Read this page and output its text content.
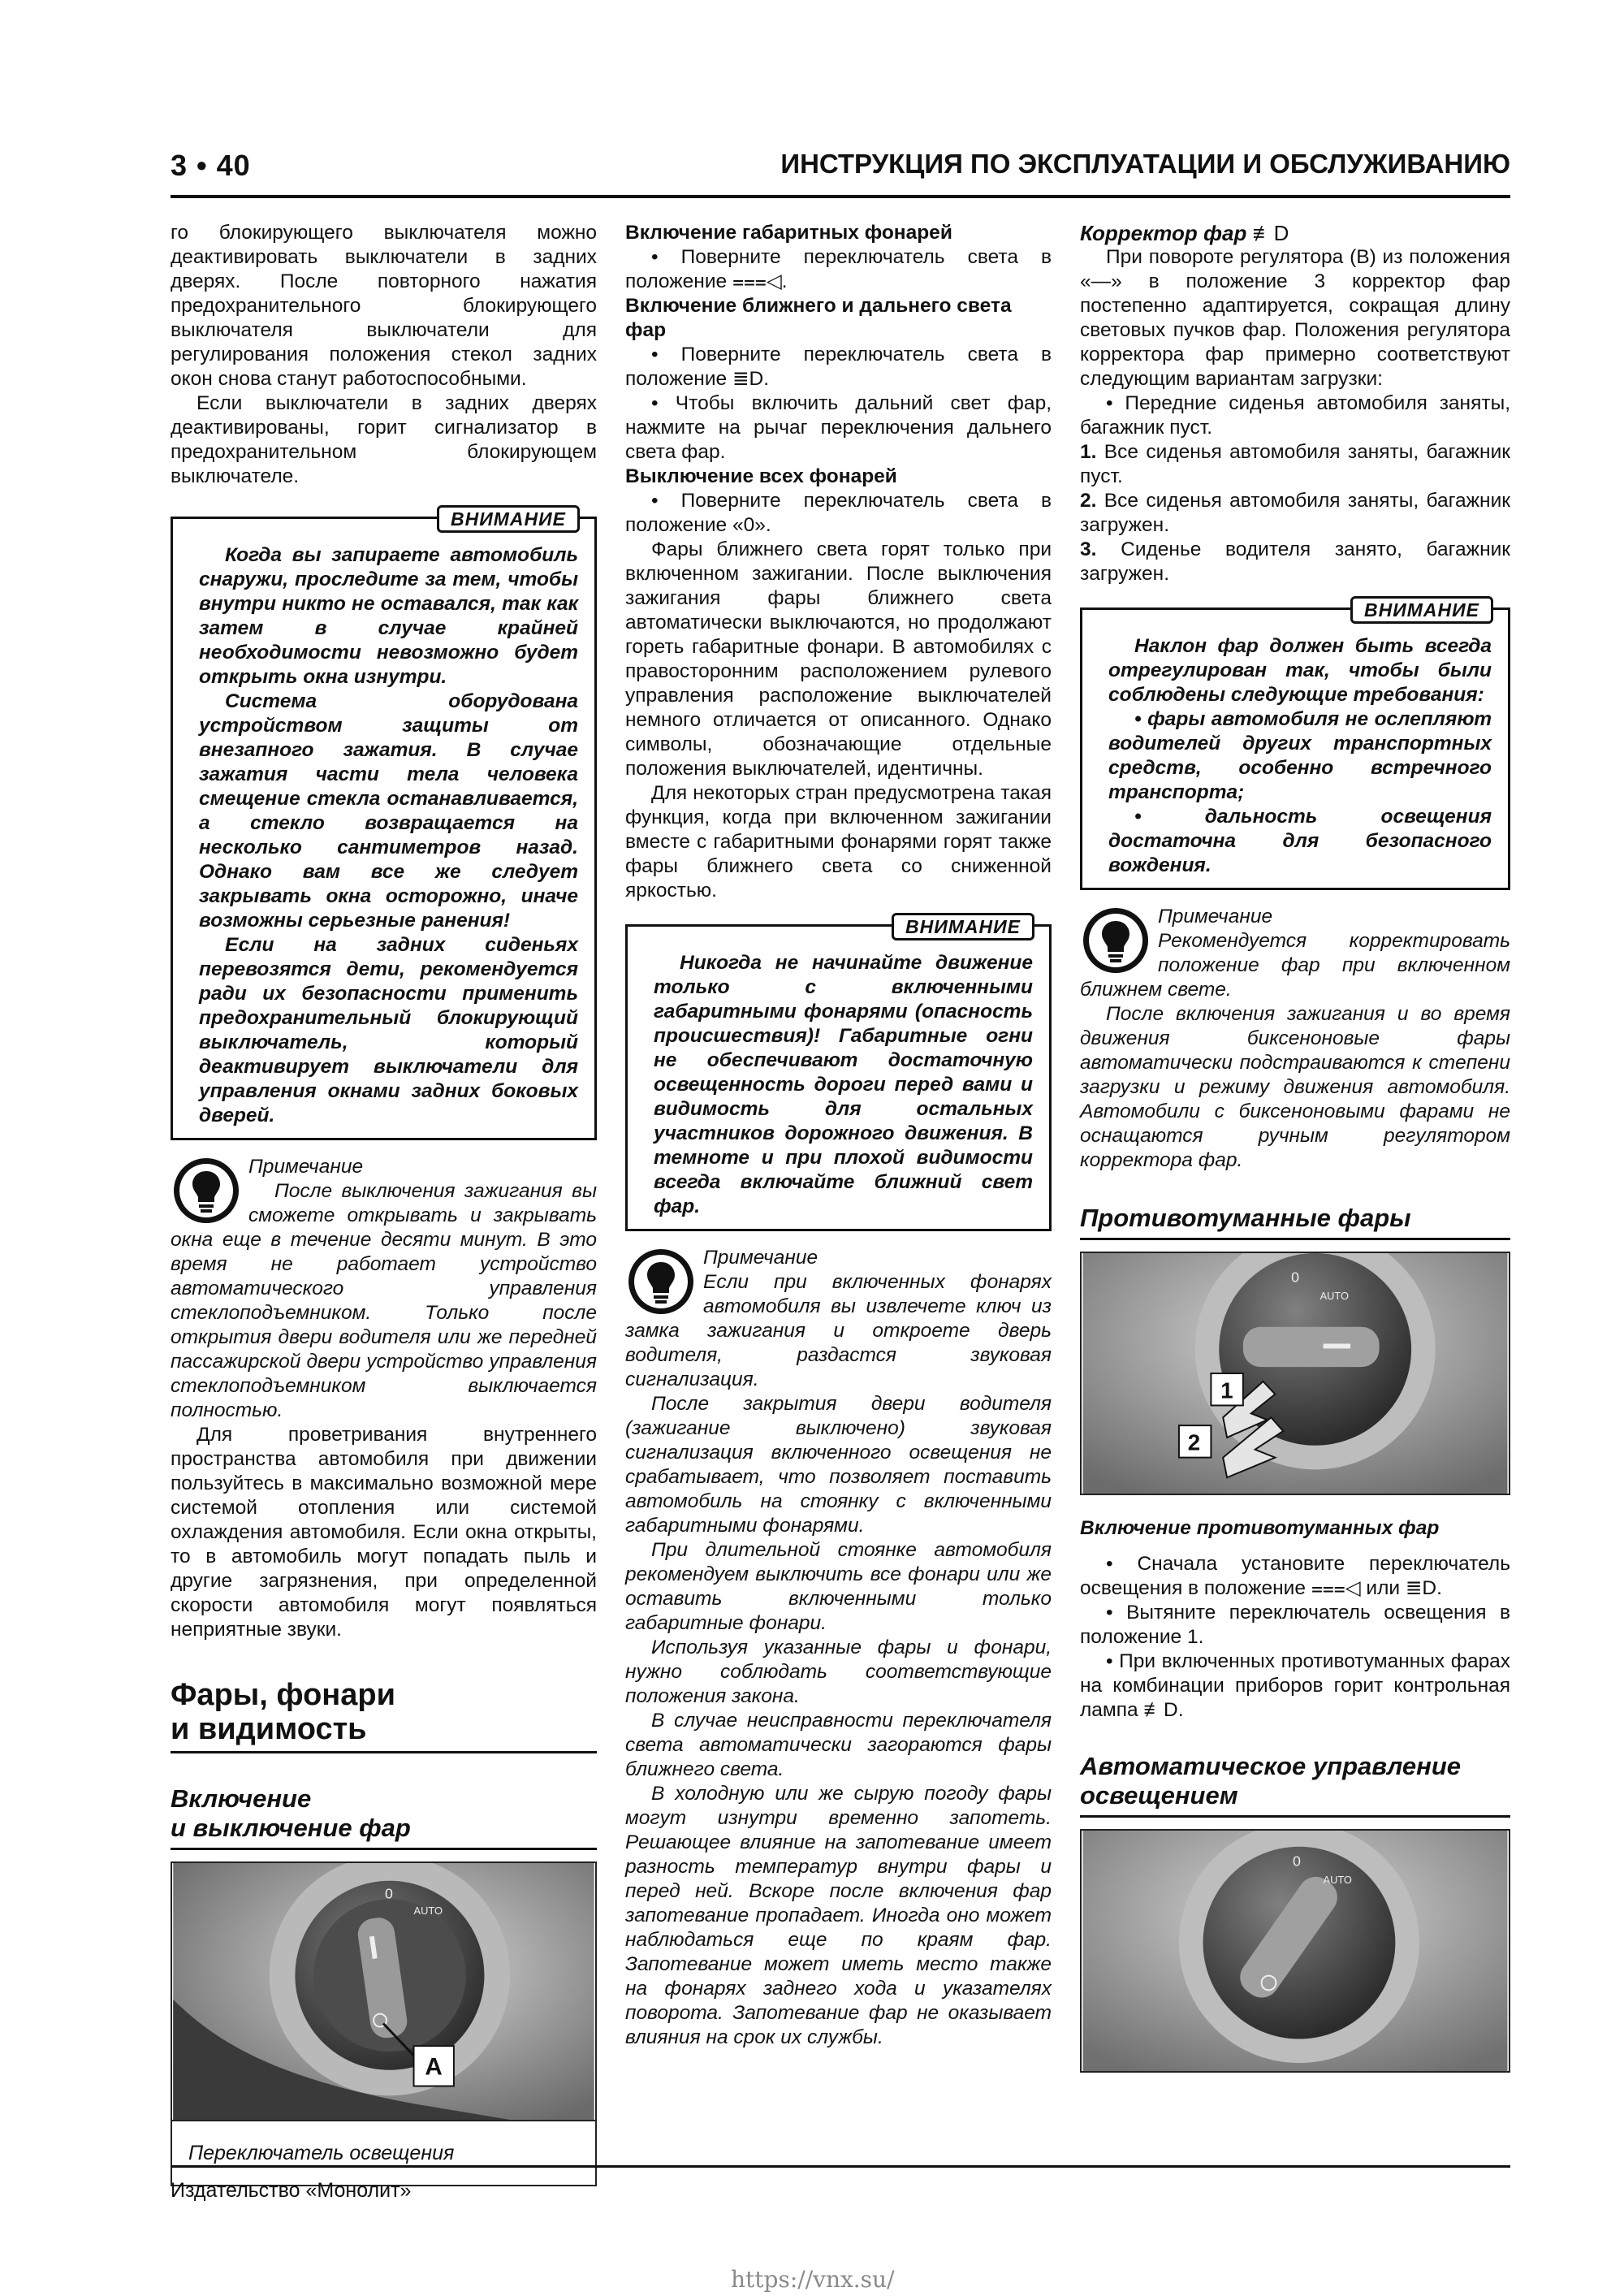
3 • 40	ИНСТРУКЦИЯ ПО ЭКСПЛУАТАЦИИ И ОБСЛУЖИВАНИЮ

го блокирующего выключателя можно деактивировать выключатели в задних дверях. После повторного нажатия предохранительного блокирующего выключателя выключатели для регулирования положения стекол задних окон снова станут работоспособными.

Если выключатели в задних дверях деактивированы, горит сигнализатор в предохранительном блокирующем выключателе.

ВНИМАНИЕ

Когда вы запираете автомобиль снаружи, проследите за тем, чтобы внутри никто не оставался, так как затем в случае крайней необходимости невозможно будет открыть окна изнутри.

Система оборудована устройством защиты от внезапного зажатия. В случае зажатия части тела человека смещение стекла останавливается, а стекло возвращается на несколько сантиметров назад. Однако вам все же следует закрывать окна осторожно, иначе возможны серьезные ранения!

Если на задних сиденьях перевозятся дети, рекомендуется ради их безопасности применить предохранительный блокирующий выключатель, который деактивирует выключатели для управления окнами задних боковых дверей.

Примечание

После выключения зажигания вы сможете открывать и закрывать окна еще в течение десяти минут. В это время не работает устройство автоматического управления стеклоподъемником. Только после открытия двери водителя или же передней пассажирской двери устройство управления стеклоподъемником выключается полностью.

Для проветривания внутреннего пространства автомобиля при движении пользуйтесь в максимально возможной мере системой отопления или системой охлаждения автомобиля. Если окна открыты, то в автомобиль могут попадать пыль и другие загрязнения, при определенной скорости автомобиля могут появляться неприятные звуки.

Фары, фонари
и видимость
Включение
и выключение фар
0
AUTO
A
Переключатель освещения

Включение габаритных фонарей

• Поверните переключатель света в положение ⩶◁.

Включение ближнего и дальнего света фар

• Поверните переключатель света в положение ≣D.

• Чтобы включить дальний свет фар, нажмите на рычаг переключения дальнего света фар.

Выключение всех фонарей

• Поверните переключатель света в положение «0».

Фары ближнего света горят только при включенном зажигании. После выключения зажигания фары ближнего света автоматически выключаются, но продолжают гореть габаритные фонари. В автомобилях с правосторонним расположением рулевого управления расположение выключателей немного отличается от описанного. Однако символы, обозначающие отдельные положения выключателей, идентичны.

Для некоторых стран предусмотрена такая функция, когда при включенном зажигании вместе с габаритными фонарями горят также фары ближнего света со сниженной яркостью.

ВНИМАНИЕ

Никогда не начинайте движение только с включенными габаритными фонарями (опасность происшествия)! Габаритные огни не обеспечивают достаточную освещенность дороги перед вами и видимость для остальных участников дорожного движения. В темноте и при плохой видимости всегда включайте ближний свет фар.

Примечание

Если при включенных фонарях автомобиля вы извлечете ключ из замка зажигания и откроете дверь водителя, раздастся звуковая сигнализация.

После закрытия двери водителя (зажигание выключено) звуковая сигнализация включенного освещения не срабатывает, что позволяет поставить автомобиль на стоянку с включенными габаритными фонарями.

При длительной стоянке автомобиля рекомендуем выключить все фонари или же оставить включенными только габаритные фонари.

Используя указанные фары и фонари, нужно соблюдать соответствующие положения закона.

В случае неисправности переключателя света автоматически загораются фары ближнего света.

В холодную или же сырую погоду фары могут изнутри временно запотеть. Решающее влияние на запотевание имеет разность температур внутри фары и перед ней. Вскоре после включения фар запотевание пропадает. Иногда оно может наблюдаться еще по краям фар. Запотевание может иметь место также на фонарях заднего хода и указателях поворота. Запотевание фар не оказывает влияния на срок их службы.

Корректор фар ≢D

При повороте регулятора (B) из положения «—» в положение 3 корректор фар постепенно адаптируется, сокращая длину световых пучков фар. Положения регулятора корректора фар примерно соответствуют следующим вариантам загрузки:

• Передние сиденья автомобиля заняты, багажник пуст.

1. Все сиденья автомобиля заняты, багажник пуст.

2. Все сиденья автомобиля заняты, багажник загружен.

3. Сиденье водителя занято, багажник загружен.

ВНИМАНИЕ

Наклон фар должен быть всегда отрегулирован так, чтобы были соблюдены следующие требования:

• фары автомобиля не ослепляют водителей других транспортных средств, особенно встречного транспорта;

• дальность освещения достаточна для безопасного вождения.

Примечание

Рекомендуется корректировать положение фар при включенном ближнем свете.

После включения зажигания и во время движения биксеноновые фары автоматически подстраиваются к степени загрузки и режиму движения автомобиля. Автомобили с биксеноновыми фарами не оснащаются ручным регулятором корректора фар.

Противотуманные фары
0
AUTO
1
2

Включение противотуманных фар

• Сначала установите переключатель освещения в положение ⩶◁ или ≣D.

• Вытяните переключатель освещения в положение 1.

• При включенных противотуманных фарах на комбинации приборов горит контрольная лампа ≢D.

Автоматическое управление
освещением
0
AUTO
Издательство «Монолит»
https://vnx.su/
